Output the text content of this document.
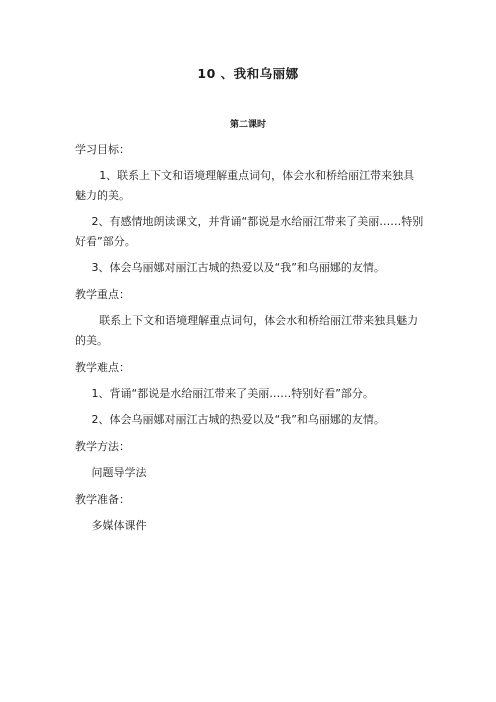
10 、我和乌丽娜
第二课时
学习目标：
1、联系上下文和语境理解重点词句，体会水和桥给丽江带来独具魅力的美。
2、有感情地朗读课文，并背诵“都说是水给丽江带来了美丽……特别好看”部分。
3、体会乌丽娜对丽江古城的热爱以及“我”和乌丽娜的友情。
教学重点：
联系上下文和语境理解重点词句，体会水和桥给丽江带来独具魅力的美。
教学难点：
1、背诵“都说是水给丽江带来了美丽……特别好看”部分。
2、体会乌丽娜对丽江古城的热爱以及“我”和乌丽娜的友情。
教学方法：
问题导学法
教学准备：
多媒体课件
